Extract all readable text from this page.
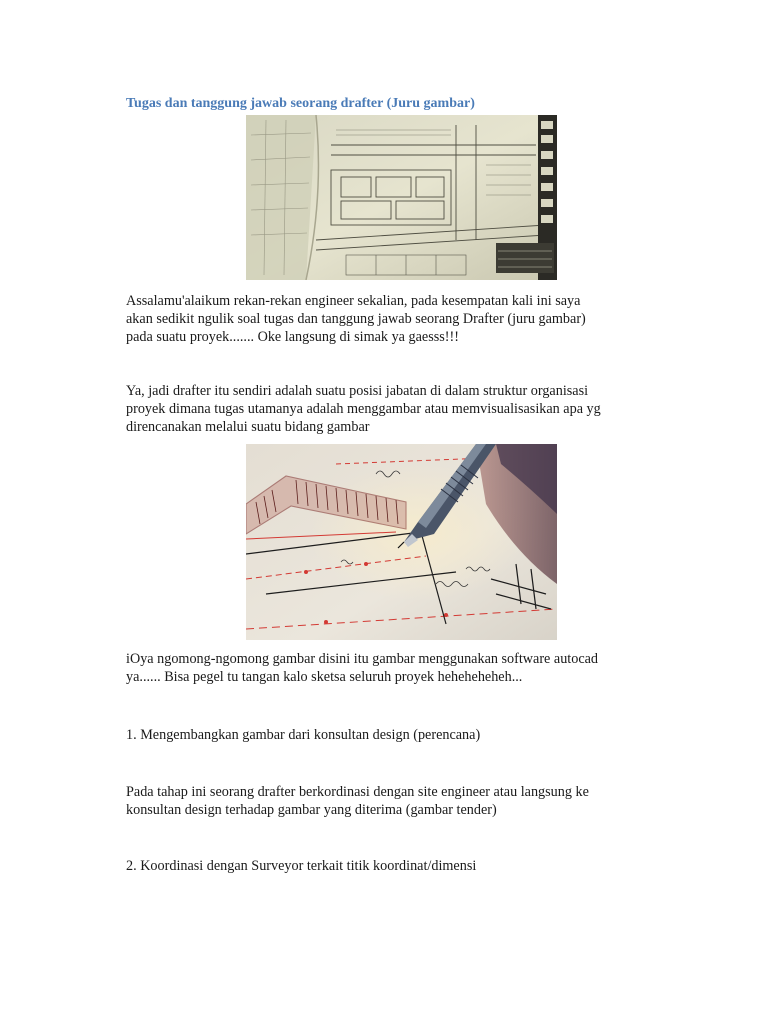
Tugas dan tanggung jawab seorang drafter (Juru gambar)

Assalamu'alaikum rekan-rekan engineer sekalian, pada kesempatan kali ini saya
akan sedikit ngulik soal tugas dan tanggung jawab seorang Drafter (juru gambar)
pada suatu proyek....... Oke langsung di simak ya gaesss!!!

Ya, jadi drafter itu sendiri adalah suatu posisi jabatan di dalam struktur organisasi
proyek dimana tugas utamanya adalah menggambar atau memvisualisasikan apa yg
direncanakan melalui suatu bidang gambar

iOya ngomong-ngomong gambar disini itu gambar menggunakan software autocad
ya...... Bisa pegel tu tangan kalo sketsa seluruh proyek heheheheheh...

1. Mengembangkan gambar dari konsultan design (perencana)

Pada tahap ini seorang drafter berkordinasi dengan site engineer atau langsung ke
konsultan design terhadap gambar yang diterima (gambar tender)

2. Koordinasi dengan Surveyor terkait titik koordinat/dimensi
